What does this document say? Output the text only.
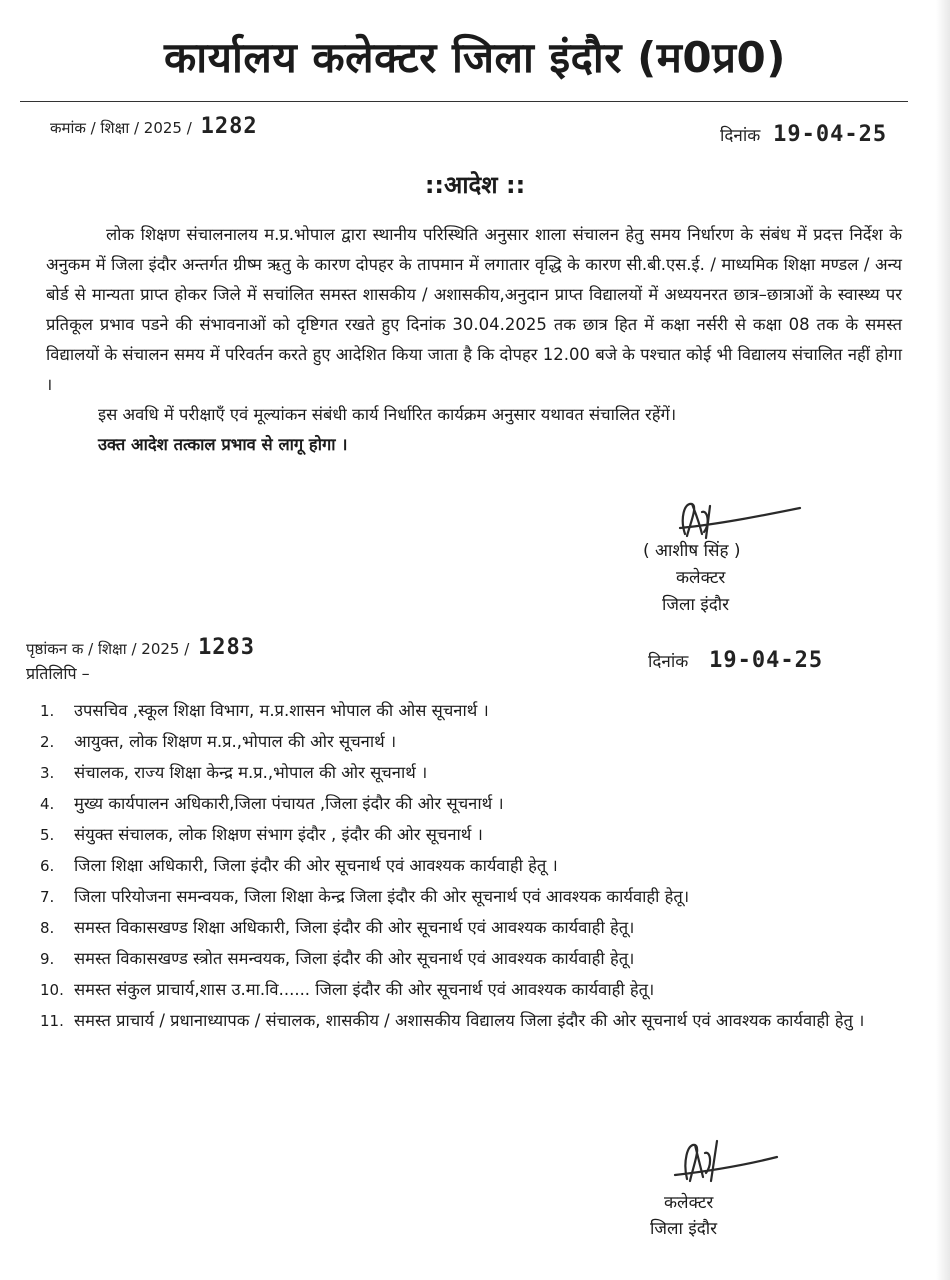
कार्यालय कलेक्टर जिला इंदौर (म0प्र0)
कमांक / शिक्षा / 2025 / 1282	दिनांक 19-04-25
::आदेश ::

लोक शिक्षण संचालनालय म.प्र.भोपाल द्वारा स्थानीय परिस्थिति अनुसार शाला संचालन हेतु समय निर्धारण के संबंध में प्रदत्त निर्देश के अनुकम में जिला इंदौर अन्तर्गत ग्रीष्म ऋतु के कारण दोपहर के तापमान में लगातार वृद्धि के कारण सी.बी.एस.ई. / माध्यमिक शिक्षा मण्डल / अन्य बोर्ड से मान्यता प्राप्त होकर जिले में सचांलित समस्त शासकीय / अशासकीय,अनुदान प्राप्त विद्यालयों में अध्ययनरत छात्र–छात्राओं के स्वास्थ्य पर प्रतिकूल प्रभाव पडने की संभावनाओं को दृष्टिगत रखते हुए दिनांक 30.04.2025 तक छात्र हित में कक्षा नर्सरी से कक्षा 08 तक के समस्त विद्यालयों के संचालन समय में परिवर्तन करते हुए आदेशित किया जाता है कि दोपहर 12.00 बजे के पश्चात कोई भी विद्यालय संचालित नहीं होगा ।

इस अवधि में परीक्षाएँ एवं मूल्यांकन संबंधी कार्य निर्धारित कार्यक्रम अनुसार यथावत संचालित रहेंगें।

उक्त आदेश तत्काल प्रभाव से लागू होगा ।

( आशीष सिंह )
कलेक्टर
जिला इंदौर
पृष्ठांकन क / शिक्षा / 2025 / 1283
दिनांक 19-04-25
प्रतिलिपि –
1.	उपसचिव ,स्कूल शिक्षा विभाग, म.प्र.शासन भोपाल की ओस सूचनार्थ ।
2.	आयुक्त, लोक शिक्षण म.प्र.,भोपाल की ओर सूचनार्थ ।
3.	संचालक, राज्य शिक्षा केन्द्र म.प्र.,भोपाल की ओर सूचनार्थ ।
4.	मुख्य कार्यपालन अधिकारी,जिला पंचायत ,जिला इंदौर की ओर सूचनार्थ ।
5.	संयुक्त संचालक, लोक शिक्षण संभाग इंदौर , इंदौर की ओर सूचनार्थ ।
6.	जिला शिक्षा अधिकारी, जिला इंदौर की ओर सूचनार्थ एवं आवश्यक कार्यवाही हेतू ।
7.	जिला परियोजना समन्वयक, जिला शिक्षा केन्द्र जिला इंदौर की ओर सूचनार्थ एवं आवश्यक कार्यवाही हेतू।
8.	समस्त विकासखण्ड शिक्षा अधिकारी, जिला इंदौर की ओर सूचनार्थ एवं आवश्यक कार्यवाही हेतू।
9.	समस्त विकासखण्ड स्त्रोत समन्वयक, जिला इंदौर की ओर सूचनार्थ एवं आवश्यक कार्यवाही हेतू।
10. समस्त संकुल प्राचार्य,शास उ.मा.वि...... जिला इंदौर की ओर सूचनार्थ एवं आवश्यक कार्यवाही हेतू।
11. समस्त प्राचार्य / प्रधानाध्यापक / संचालक, शासकीय / अशासकीय विद्यालय जिला इंदौर की ओर सूचनार्थ एवं आवश्यक कार्यवाही हेतु ।
कलेक्टर
जिला इंदौर
